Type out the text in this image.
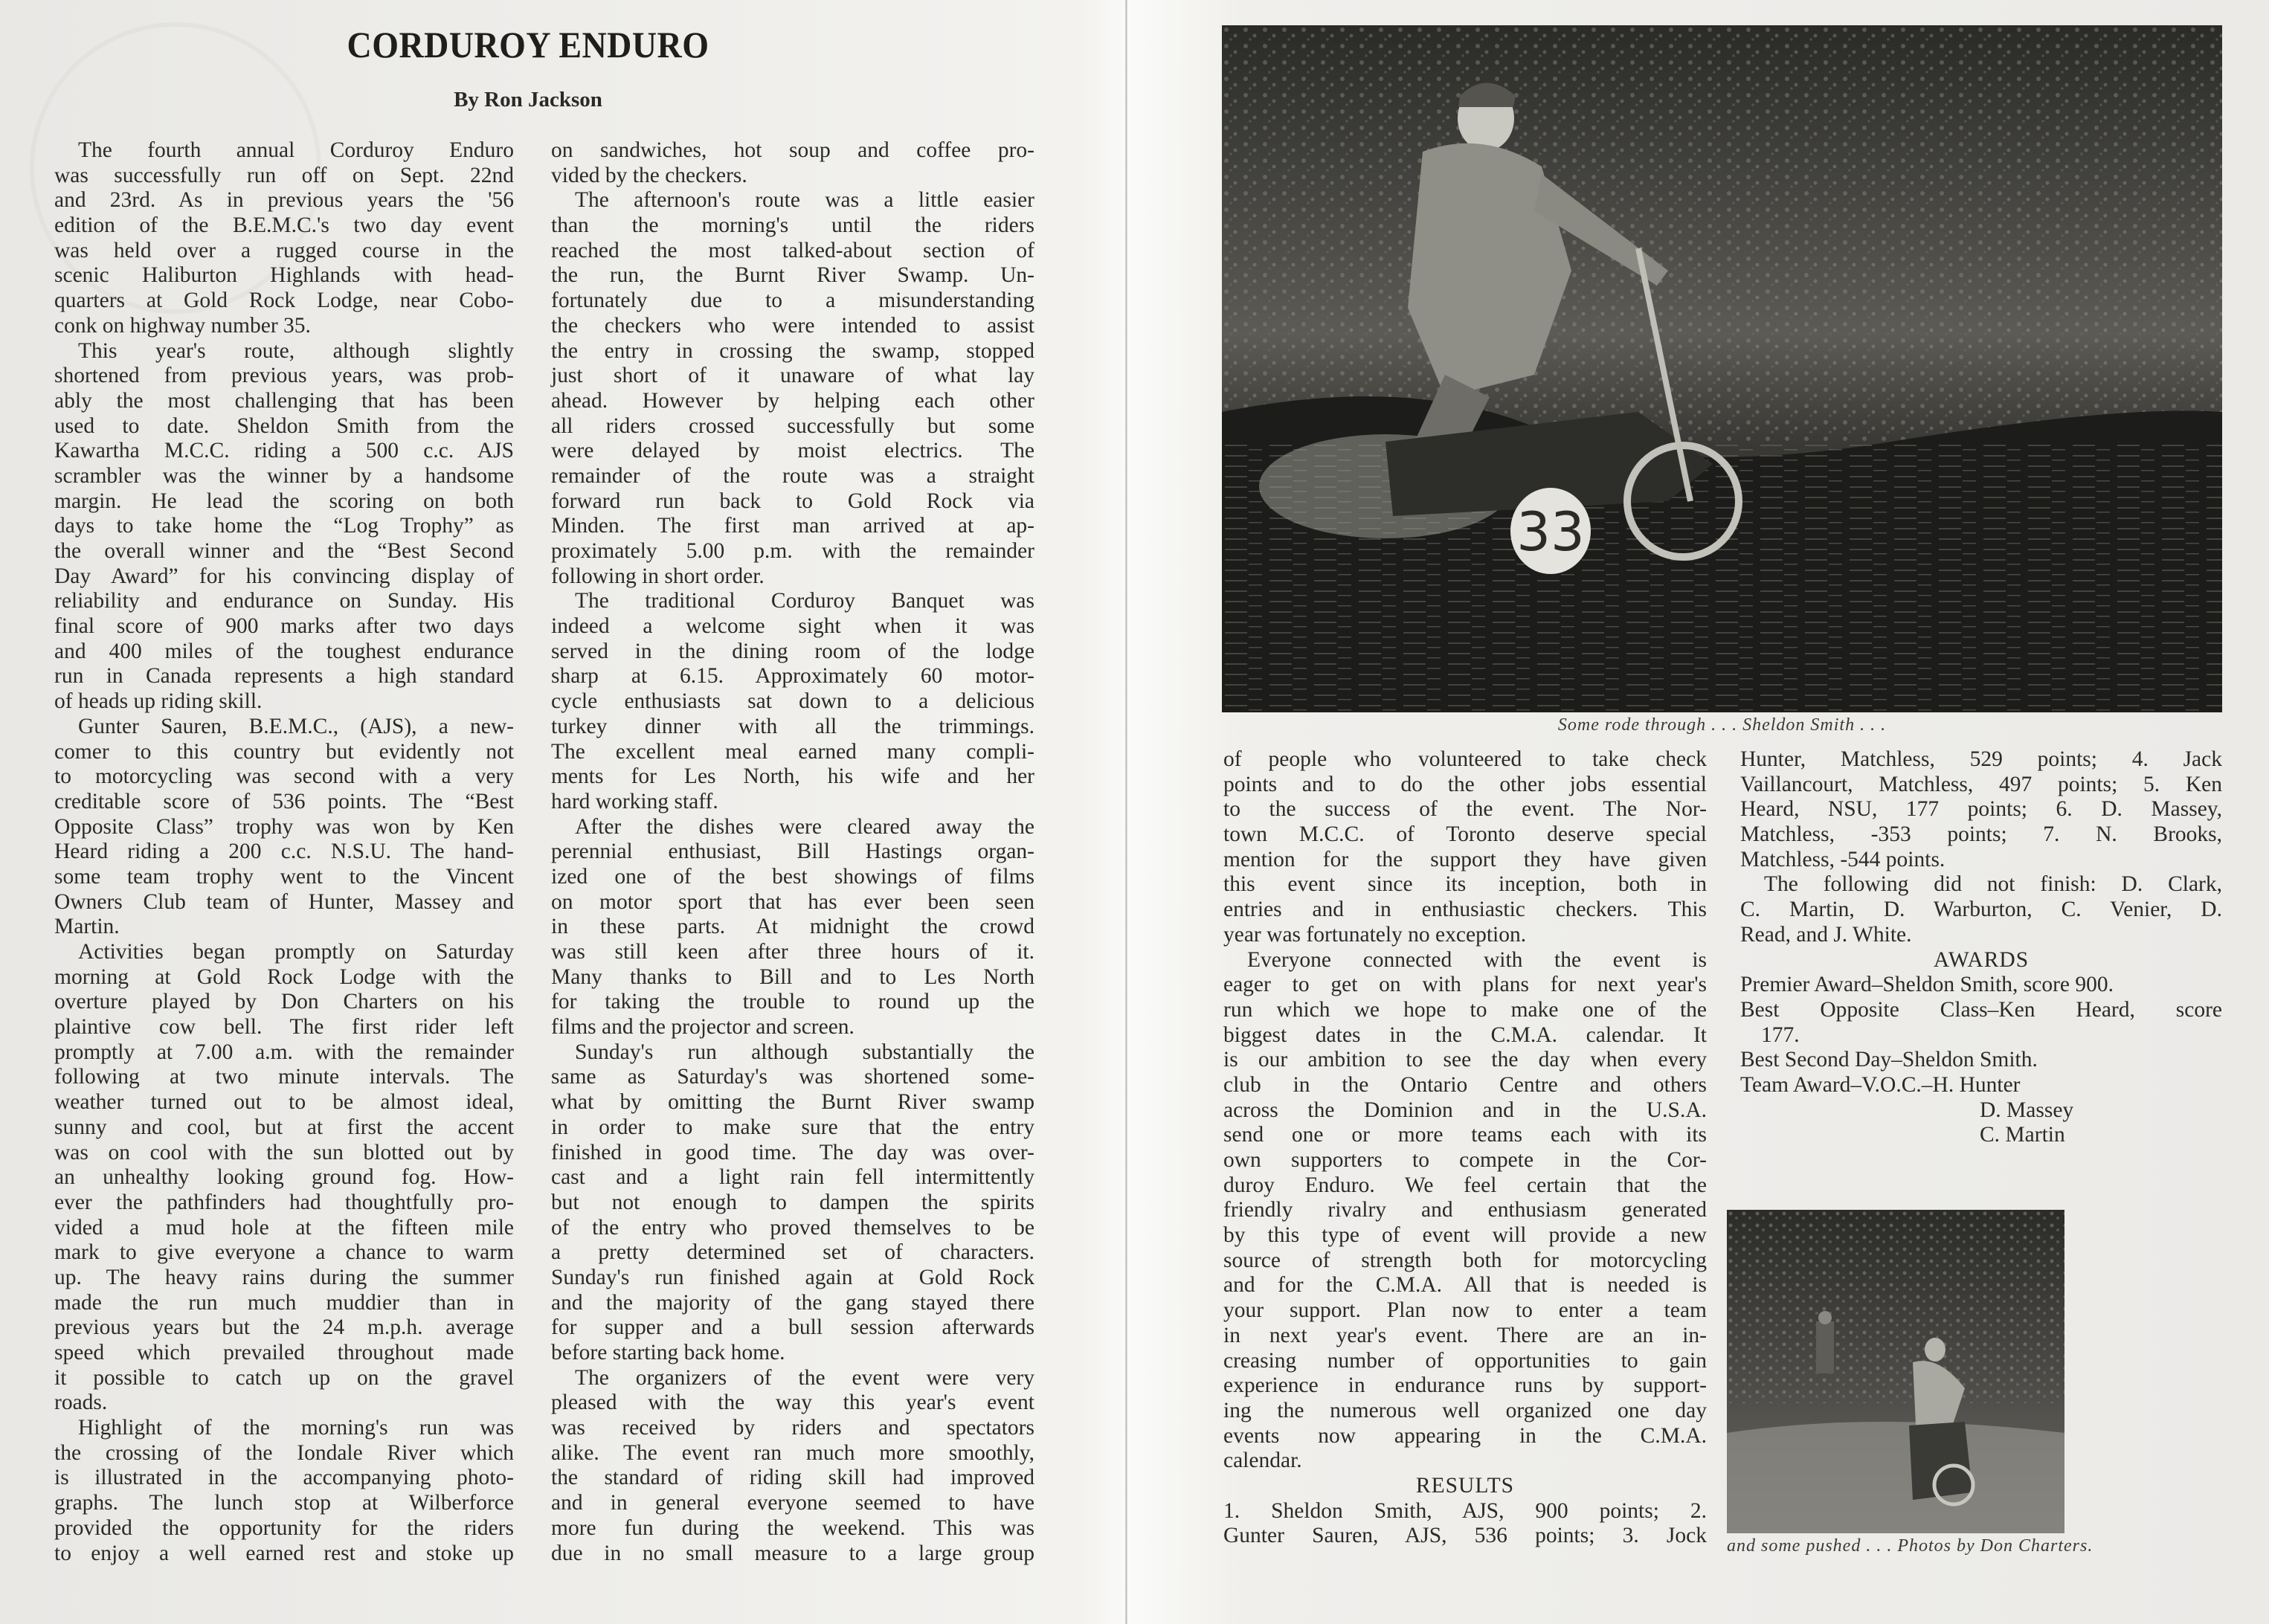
CORDUROY ENDURO
By Ron Jackson
The fourth annual Corduroy Enduro
was successfully run off on Sept. 22nd
and 23rd. As in previous years the '56
edition of the B.E.M.C.'s two day event
was held over a rugged course in the
scenic Haliburton Highlands with head-
quarters at Gold Rock Lodge, near Cobo-
conk on highway number 35.
This year's route, although slightly
shortened from previous years, was prob-
ably the most challenging that has been
used to date. Sheldon Smith from the
Kawartha M.C.C. riding a 500 c.c. AJS
scrambler was the winner by a handsome
margin. He lead the scoring on both
days to take home the “Log Trophy” as
the overall winner and the “Best Second
Day Award” for his convincing display of
reliability and endurance on Sunday. His
final score of 900 marks after two days
and 400 miles of the toughest endurance
run in Canada represents a high standard
of heads up riding skill.
Gunter Sauren, B.E.M.C., (AJS), a new-
comer to this country but evidently not
to motorcycling was second with a very
creditable score of 536 points. The “Best
Opposite Class” trophy was won by Ken
Heard riding a 200 c.c. N.S.U. The hand-
some team trophy went to the Vincent
Owners Club team of Hunter, Massey and
Martin.
Activities began promptly on Saturday
morning at Gold Rock Lodge with the
overture played by Don Charters on his
plaintive cow bell. The first rider left
promptly at 7.00 a.m. with the remainder
following at two minute intervals. The
weather turned out to be almost ideal,
sunny and cool, but at first the accent
was on cool with the sun blotted out by
an unhealthy looking ground fog. How-
ever the pathfinders had thoughtfully pro-
vided a mud hole at the fifteen mile
mark to give everyone a chance to warm
up. The heavy rains during the summer
made the run much muddier than in
previous years but the 24 m.p.h. average
speed which prevailed throughout made
it possible to catch up on the gravel
roads.
Highlight of the morning's run was
the crossing of the Iondale River which
is illustrated in the accompanying photo-
graphs. The lunch stop at Wilberforce
provided the opportunity for the riders
to enjoy a well earned rest and stoke up
on sandwiches, hot soup and coffee pro-
vided by the checkers.
The afternoon's route was a little easier
than the morning's until the riders
reached the most talked-about section of
the run, the Burnt River Swamp. Un-
fortunately due to a misunderstanding
the checkers who were intended to assist
the entry in crossing the swamp, stopped
just short of it unaware of what lay
ahead. However by helping each other
all riders crossed successfully but some
were delayed by moist electrics. The
remainder of the route was a straight
forward run back to Gold Rock via
Minden. The first man arrived at ap-
proximately 5.00 p.m. with the remainder
following in short order.
The traditional Corduroy Banquet was
indeed a welcome sight when it was
served in the dining room of the lodge
sharp at 6.15. Approximately 60 motor-
cycle enthusiasts sat down to a delicious
turkey dinner with all the trimmings.
The excellent meal earned many compli-
ments for Les North, his wife and her
hard working staff.
After the dishes were cleared away the
perennial enthusiast, Bill Hastings organ-
ized one of the best showings of films
on motor sport that has ever been seen
in these parts. At midnight the crowd
was still keen after three hours of it.
Many thanks to Bill and to Les North
for taking the trouble to round up the
films and the projector and screen.
Sunday's run although substantially the
same as Saturday's was shortened some-
what by omitting the Burnt River swamp
in order to make sure that the entry
finished in good time. The day was over-
cast and a light rain fell intermittently
but not enough to dampen the spirits
of the entry who proved themselves to be
a pretty determined set of characters.
Sunday's run finished again at Gold Rock
and the majority of the gang stayed there
for supper and a bull session afterwards
before starting back home.
The organizers of the event were very
pleased with the way this year's event
was received by riders and spectators
alike. The event ran much more smoothly,
the standard of riding skill had improved
and in general everyone seemed to have
more fun during the weekend. This was
due in no small measure to a large group
33
Some rode through . . . Sheldon Smith . . .
of people who volunteered to take check
points and to do the other jobs essential
to the success of the event. The Nor-
town M.C.C. of Toronto deserve special
mention for the support they have given
this event since its inception, both in
entries and in enthusiastic checkers. This
year was fortunately no exception.
Everyone connected with the event is
eager to get on with plans for next year's
run which we hope to make one of the
biggest dates in the C.M.A. calendar. It
is our ambition to see the day when every
club in the Ontario Centre and others
across the Dominion and in the U.S.A.
send one or more teams each with its
own supporters to compete in the Cor-
duroy Enduro. We feel certain that the
friendly rivalry and enthusiasm generated
by this type of event will provide a new
source of strength both for motorcycling
and for the C.M.A. All that is needed is
your support. Plan now to enter a team
in next year's event. There are an in-
creasing number of opportunities to gain
experience in endurance runs by support-
ing the numerous well organized one day
events now appearing in the C.M.A.
calendar.
RESULTS
1. Sheldon Smith, AJS, 900 points; 2.
Gunter Sauren, AJS, 536 points; 3. Jock
Hunter, Matchless, 529 points; 4. Jack
Vaillancourt, Matchless, 497 points; 5. Ken
Heard, NSU, 177 points; 6. D. Massey,
Matchless, -353 points; 7. N. Brooks,
Matchless, -544 points.
The following did not finish: D. Clark,
C. Martin, D. Warburton, C. Venier, D.
Read, and J. White.
AWARDS
Premier Award–Sheldon Smith, score 900.
Best Opposite Class–Ken Heard, score
177.
Best Second Day–Sheldon Smith.
Team Award–V.O.C.–H. Hunter
D. Massey
C. Martin
and some pushed . . . Photos by Don Charters.
